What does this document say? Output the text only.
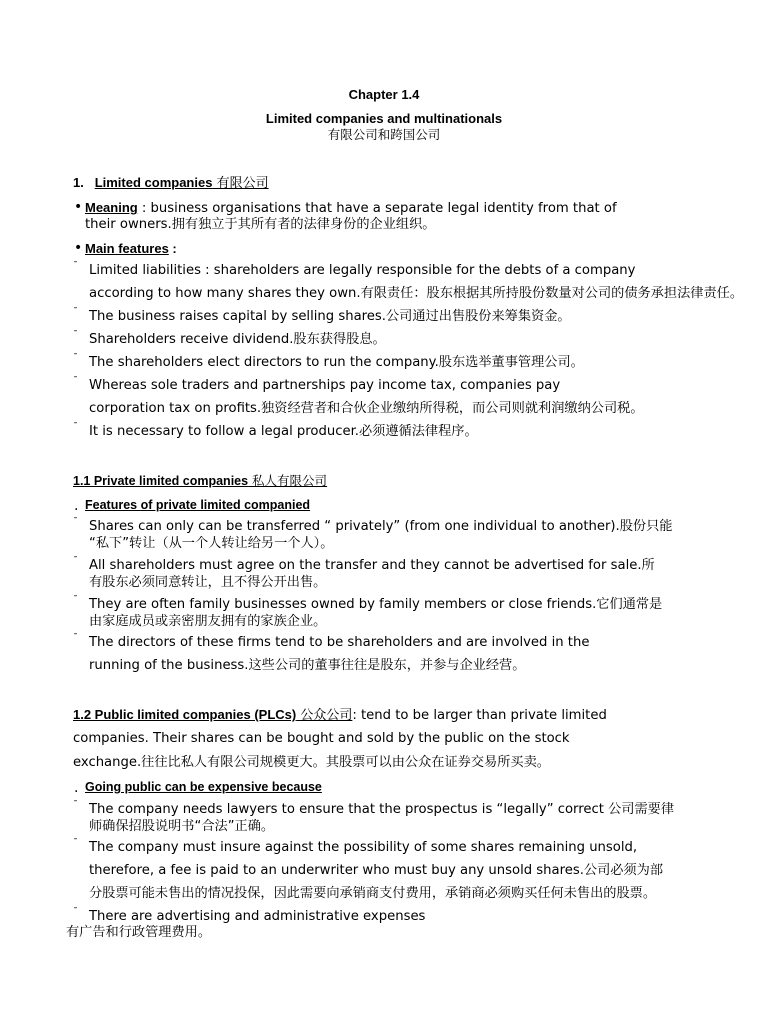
Chapter 1.4
Limited companies and multinationals
有限公司和跨国公司
1. Limited companies 有限公司
• Meaning : business organisations that have a separate legal identity from that of
their owners.拥有独立于其所有者的法律身份的企业组织。
• Main features :
ˉ Limited liabilities : shareholders are legally responsible for the debts of a company
according to how many shares they own.有限责任：股东根据其所持股份数量对公司的债务承担法律责任。
ˉ The business raises capital by selling shares.公司通过出售股份来筹集资金。
ˉ Shareholders receive dividend.股东获得股息。
ˉ The shareholders elect directors to run the company.股东选举董事管理公司。
ˉ Whereas sole traders and partnerships pay income tax, companies pay
corporation tax on profits.独资经营者和合伙企业缴纳所得税，而公司则就利润缴纳公司税。
ˉ It is necessary to follow a legal producer.必须遵循法律程序。
1.1 Private limited companies 私人有限公司
. Features of private limited companied
ˉ Shares can only can be transferred “ privately” (from one individual to another).股份只能
“私下”转让（从一个人转让给另一个人）。
ˉ All shareholders must agree on the transfer and they cannot be advertised for sale.所
有股东必须同意转让，且不得公开出售。
ˉ They are often family businesses owned by family members or close friends.它们通常是
由家庭成员或亲密朋友拥有的家族企业。
ˉ The directors of these firms tend to be shareholders and are involved in the
running of the business.这些公司的董事往往是股东，并参与企业经营。
1.2 Public limited companies (PLCs) 公众公司: tend to be larger than private limited
companies. Their shares can be bought and sold by the public on the stock
exchange.往往比私人有限公司规模更大。其股票可以由公众在证券交易所买卖。
. Going public can be expensive because
ˉ The company needs lawyers to ensure that the prospectus is “legally” correct 公司需要律
师确保招股说明书“合法”正确。
ˉ The company must insure against the possibility of some shares remaining unsold,
therefore, a fee is paid to an underwriter who must buy any unsold shares.公司必须为部
分股票可能未售出的情况投保，因此需要向承销商支付费用，承销商必须购买任何未售出的股票。
ˉ There are advertising and administrative expenses
有广告和行政管理费用。
